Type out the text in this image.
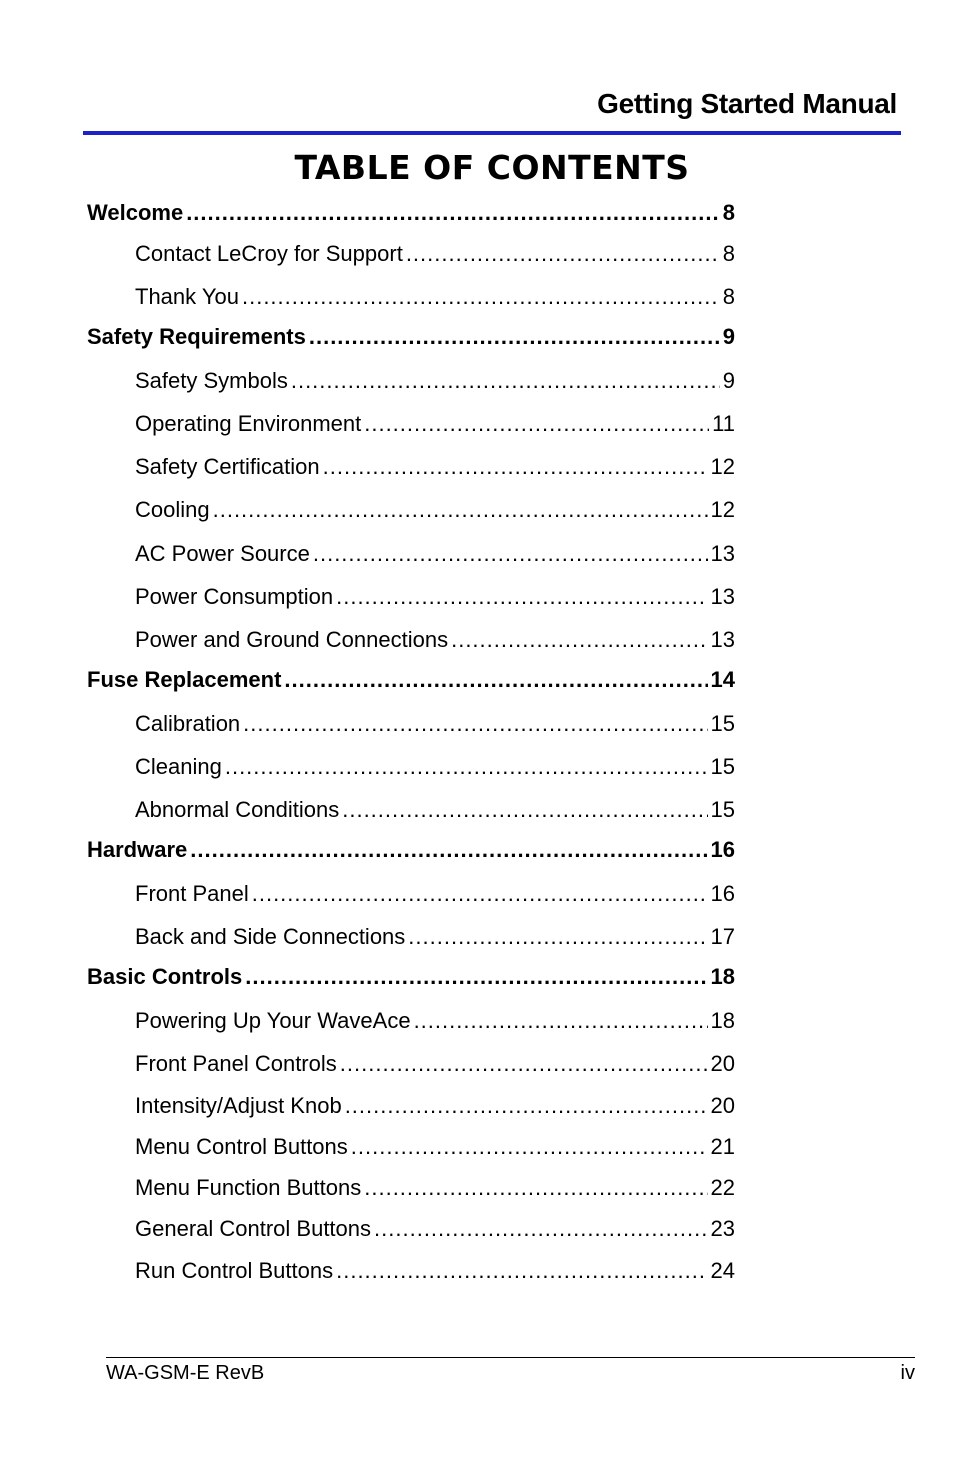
Getting Started Manual
TABLE OF CONTENTS
Welcome .....	8
Contact LeCroy for Support .....	8
Thank You .....	8
Safety Requirements .....	9
Safety Symbols .....	9
Operating Environment .....	11
Safety Certification .....	12
Cooling .....	12
AC Power Source .....	13
Power Consumption .....	13
Power and Ground Connections .....	13
Fuse Replacement .....	14
Calibration .....	15
Cleaning .....	15
Abnormal Conditions .....	15
Hardware .....	16
Front Panel .....	16
Back and Side Connections .....	17
Basic Controls .....	18
Powering Up Your WaveAce .....	18
Front Panel Controls .....	20
Intensity/Adjust Knob .....	20
Menu Control Buttons .....	21
Menu Function Buttons .....	22
General Control Buttons .....	23
Run Control Buttons .....	24
WA-GSM-E RevB	iv
